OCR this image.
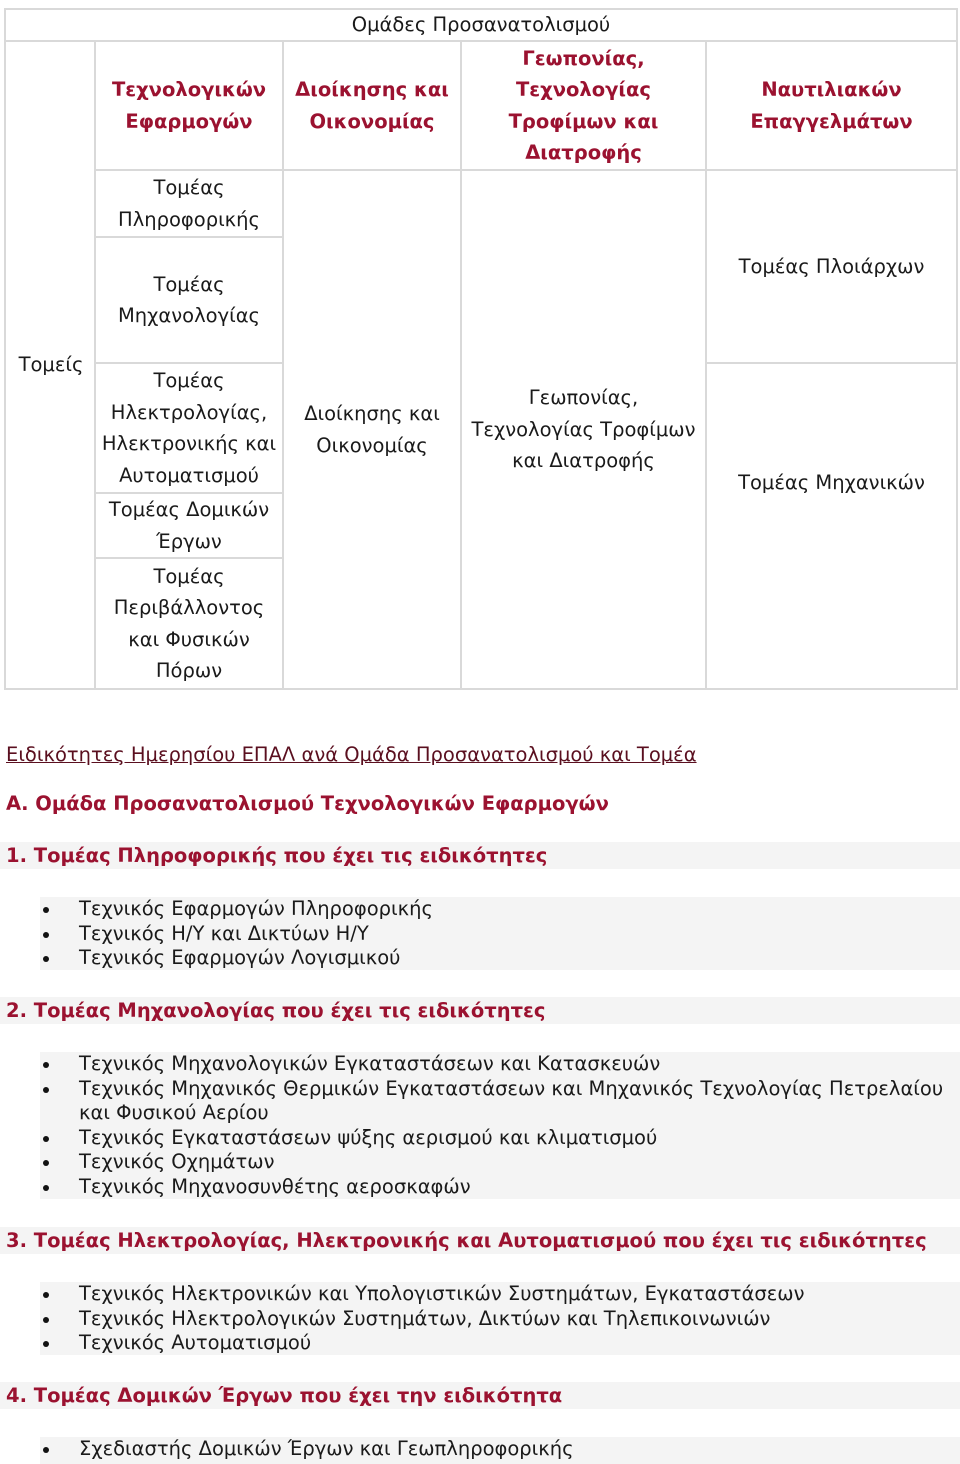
Ομάδες Προσανατολισμού
Τομείς
Τεχνολογικών Εφαρμογών
Διοίκησης και Οικονομίας
Γεωπονίας, Τεχνολογίας Τροφίμων και Διατροφής
Ναυτιλιακών Επαγγελμάτων
Τομέας Πληροφορικής
Τομέας Μηχανολογίας
Τομέας Ηλεκτρολογίας, Ηλεκτρονικής και Αυτοματισμού
Τομέας Δομικών Έργων
Τομέας Περιβάλλοντος και Φυσικών Πόρων
Διοίκησης και Οικονομίας
Γεωπονίας, Τεχνολογίας Τροφίμων και Διατροφής
Τομέας Πλοιάρχων
Τομέας Μηχανικών
Ειδικότητες Ημερησίου ΕΠΑΛ ανά Ομάδα Προσανατολισμού και Τομέα
Α. Ομάδα Προσανατολισμού Τεχνολογικών Εφαρμογών
1. Τομέας Πληροφορικής που έχει τις ειδικότητες
Τεχνικός Εφαρμογών Πληροφορικής
Τεχνικός Η/Υ και Δικτύων Η/Υ
Τεχνικός Εφαρμογών Λογισμικού
2. Τομέας Μηχανολογίας που έχει τις ειδικότητες
Τεχνικός Μηχανολογικών Εγκαταστάσεων και Κατασκευών
Τεχνικός Μηχανικός Θερμικών Εγκαταστάσεων και Μηχανικός Τεχνολογίας Πετρελαίου
και Φυσικού Αερίου
Τεχνικός Εγκαταστάσεων ψύξης αερισμού και κλιματισμού
Τεχνικός Οχημάτων
Τεχνικός Μηχανοσυνθέτης αεροσκαφών
3. Τομέας Ηλεκτρολογίας, Ηλεκτρονικής και Αυτοματισμού που έχει τις ειδικότητες
Τεχνικός Ηλεκτρονικών και Υπολογιστικών Συστημάτων, Εγκαταστάσεων
Τεχνικός Ηλεκτρολογικών Συστημάτων, Δικτύων και Τηλεπικοινωνιών
Τεχνικός Αυτοματισμού
4. Τομέας Δομικών Έργων που έχει την ειδικότητα
Σχεδιαστής Δομικών Έργων και Γεωπληροφορικής
